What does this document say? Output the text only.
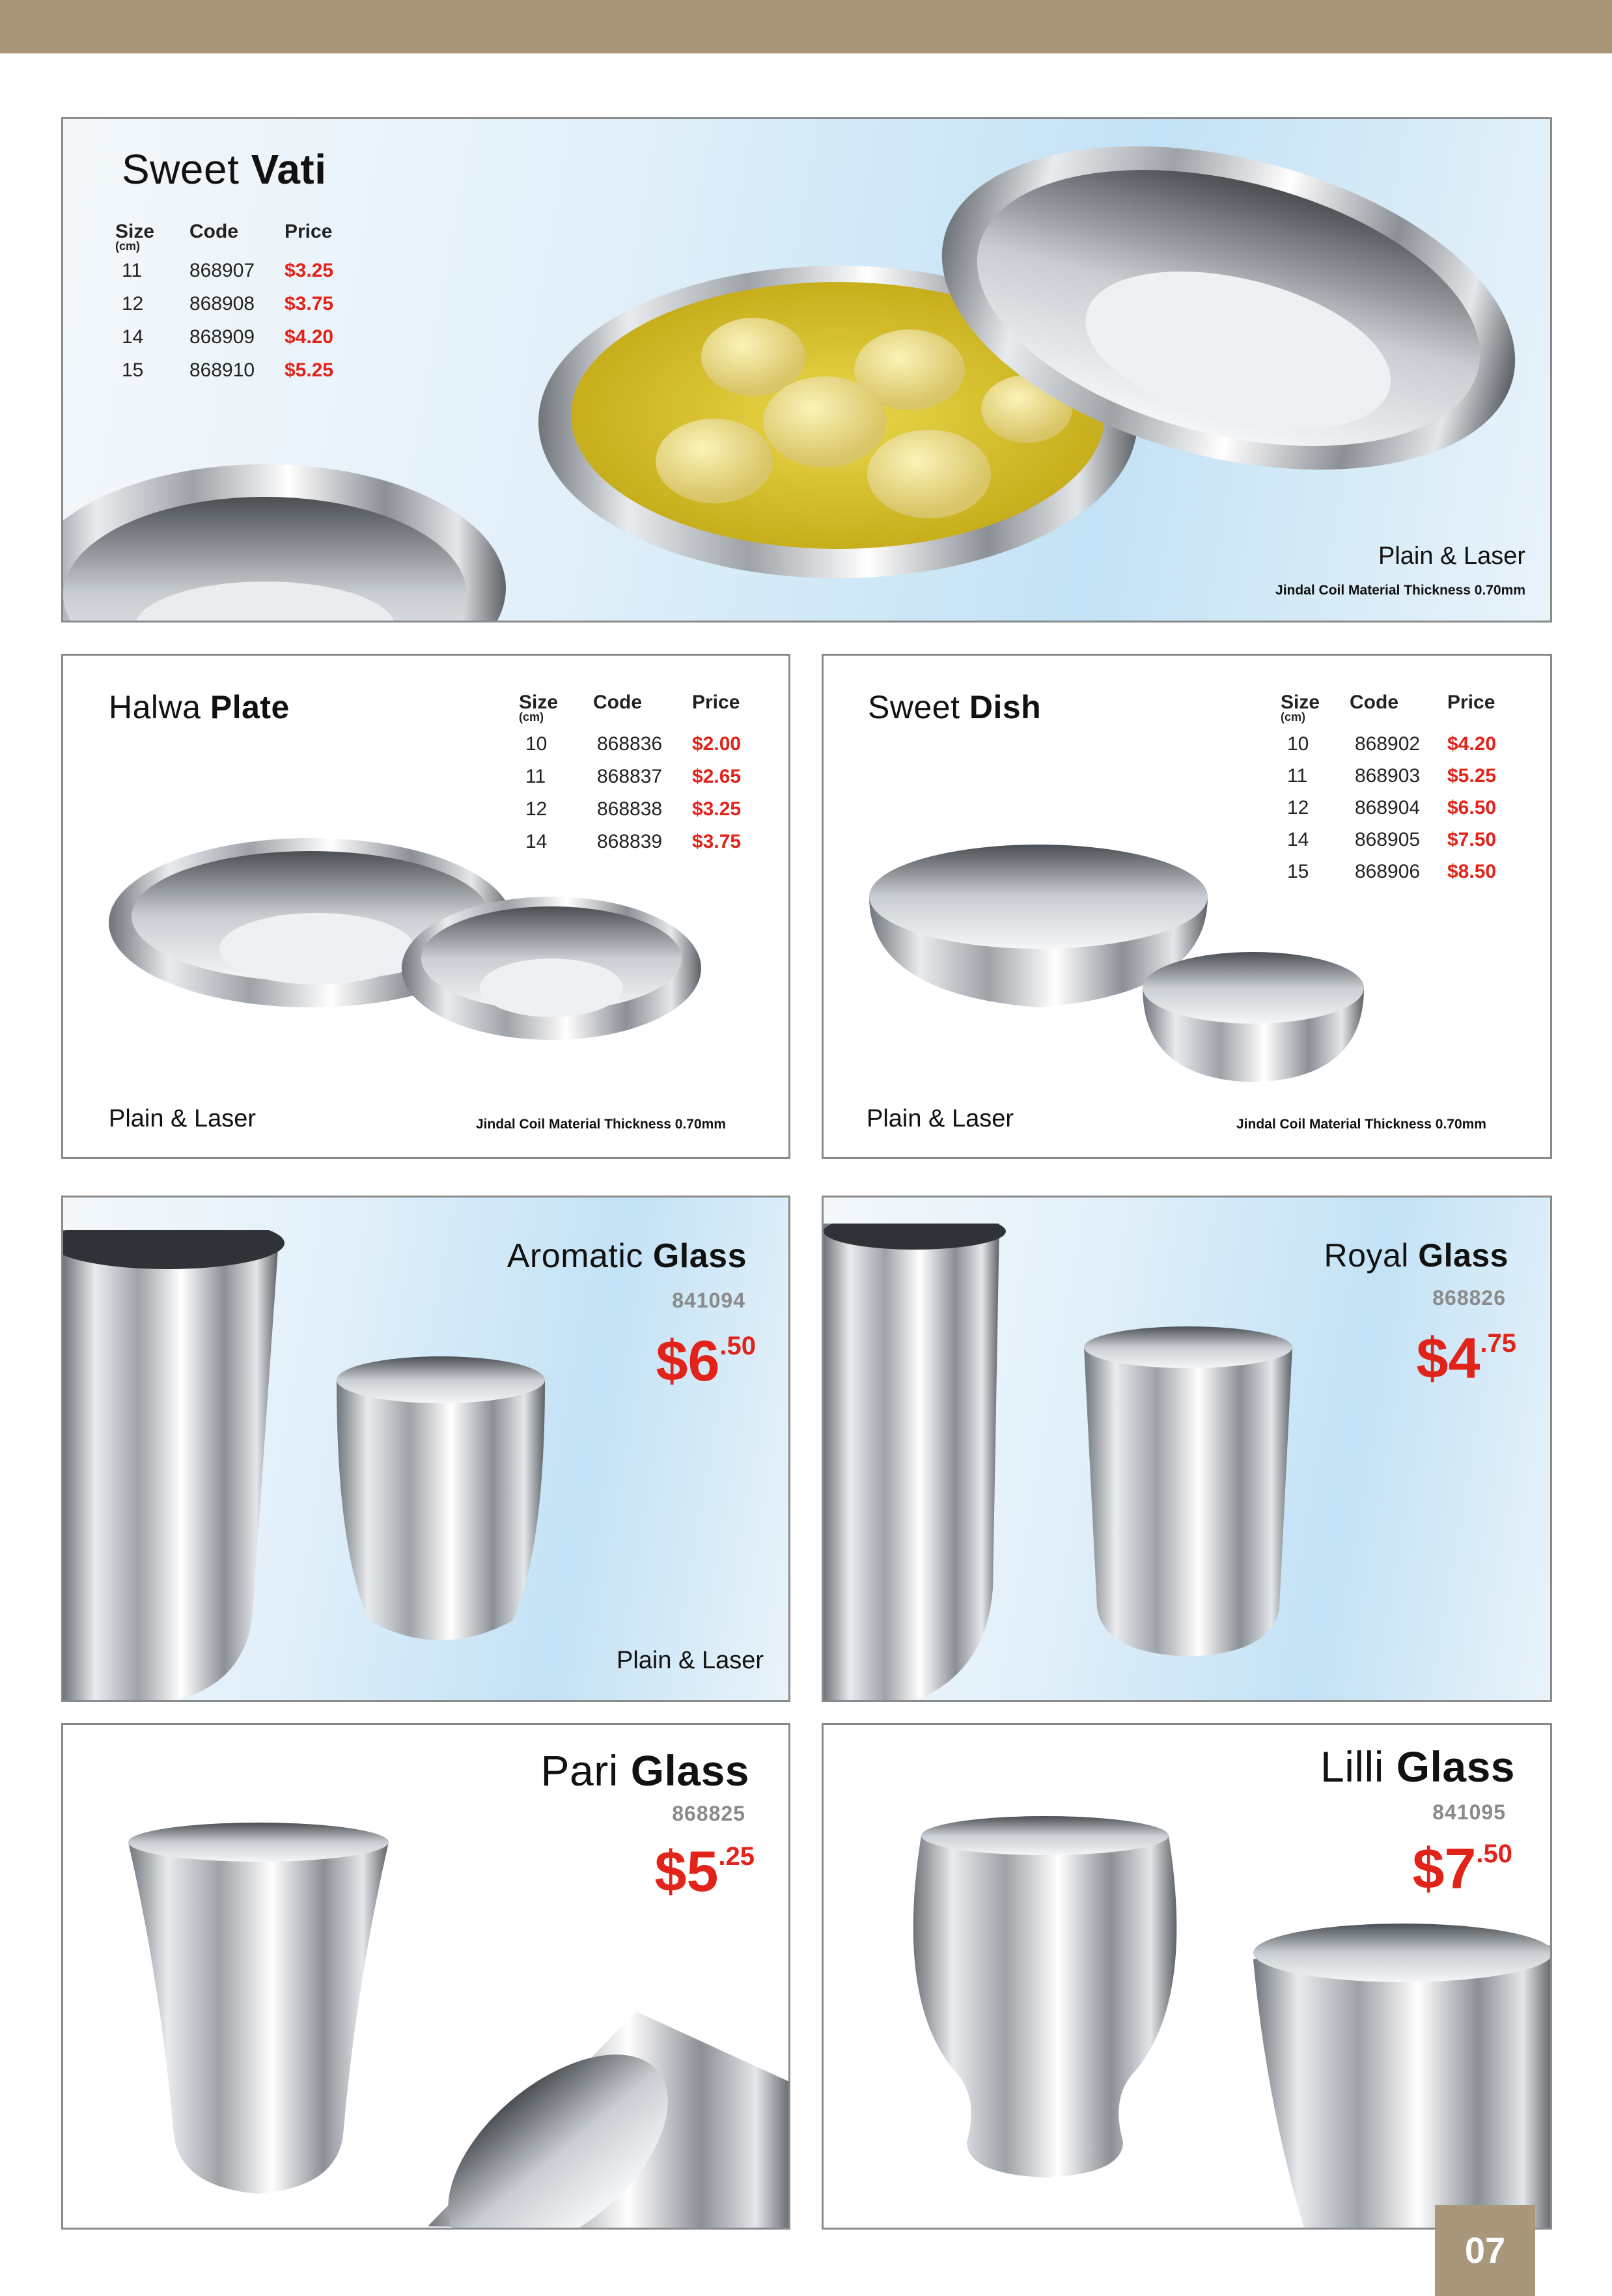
Sweet Vati
Size
(cm)
Code Price
11 868907 $3.25
12 868908 $3.75
14 868909 $4.20
15 868910 $5.25
Plain & Laser
Jindal Coil Material Thickness 0.70mm
Halwa Plate	Size
(cm)
Code	Price
10	868836 $2.00
11	868837 $2.65
12	868838 $3.25
14	868839 $3.75
Plain & Laser	Jindal Coil Material Thickness 0.70mm
Sweet Dish	Size
(cm)
Code	Price
10 868902 $4.20
11 868903 $5.25
12 868904 $6.50
14 868905 $7.50
15 868906 $8.50
Plain & Laser	Jindal Coil Material Thickness 0.70mm
Aromatic Glass
841094
$6.50
Plain & Laser
Royal Glass
868826
$4.75
Pari Glass
868825
$5.25
Lilli Glass
841095
$7.50
07
